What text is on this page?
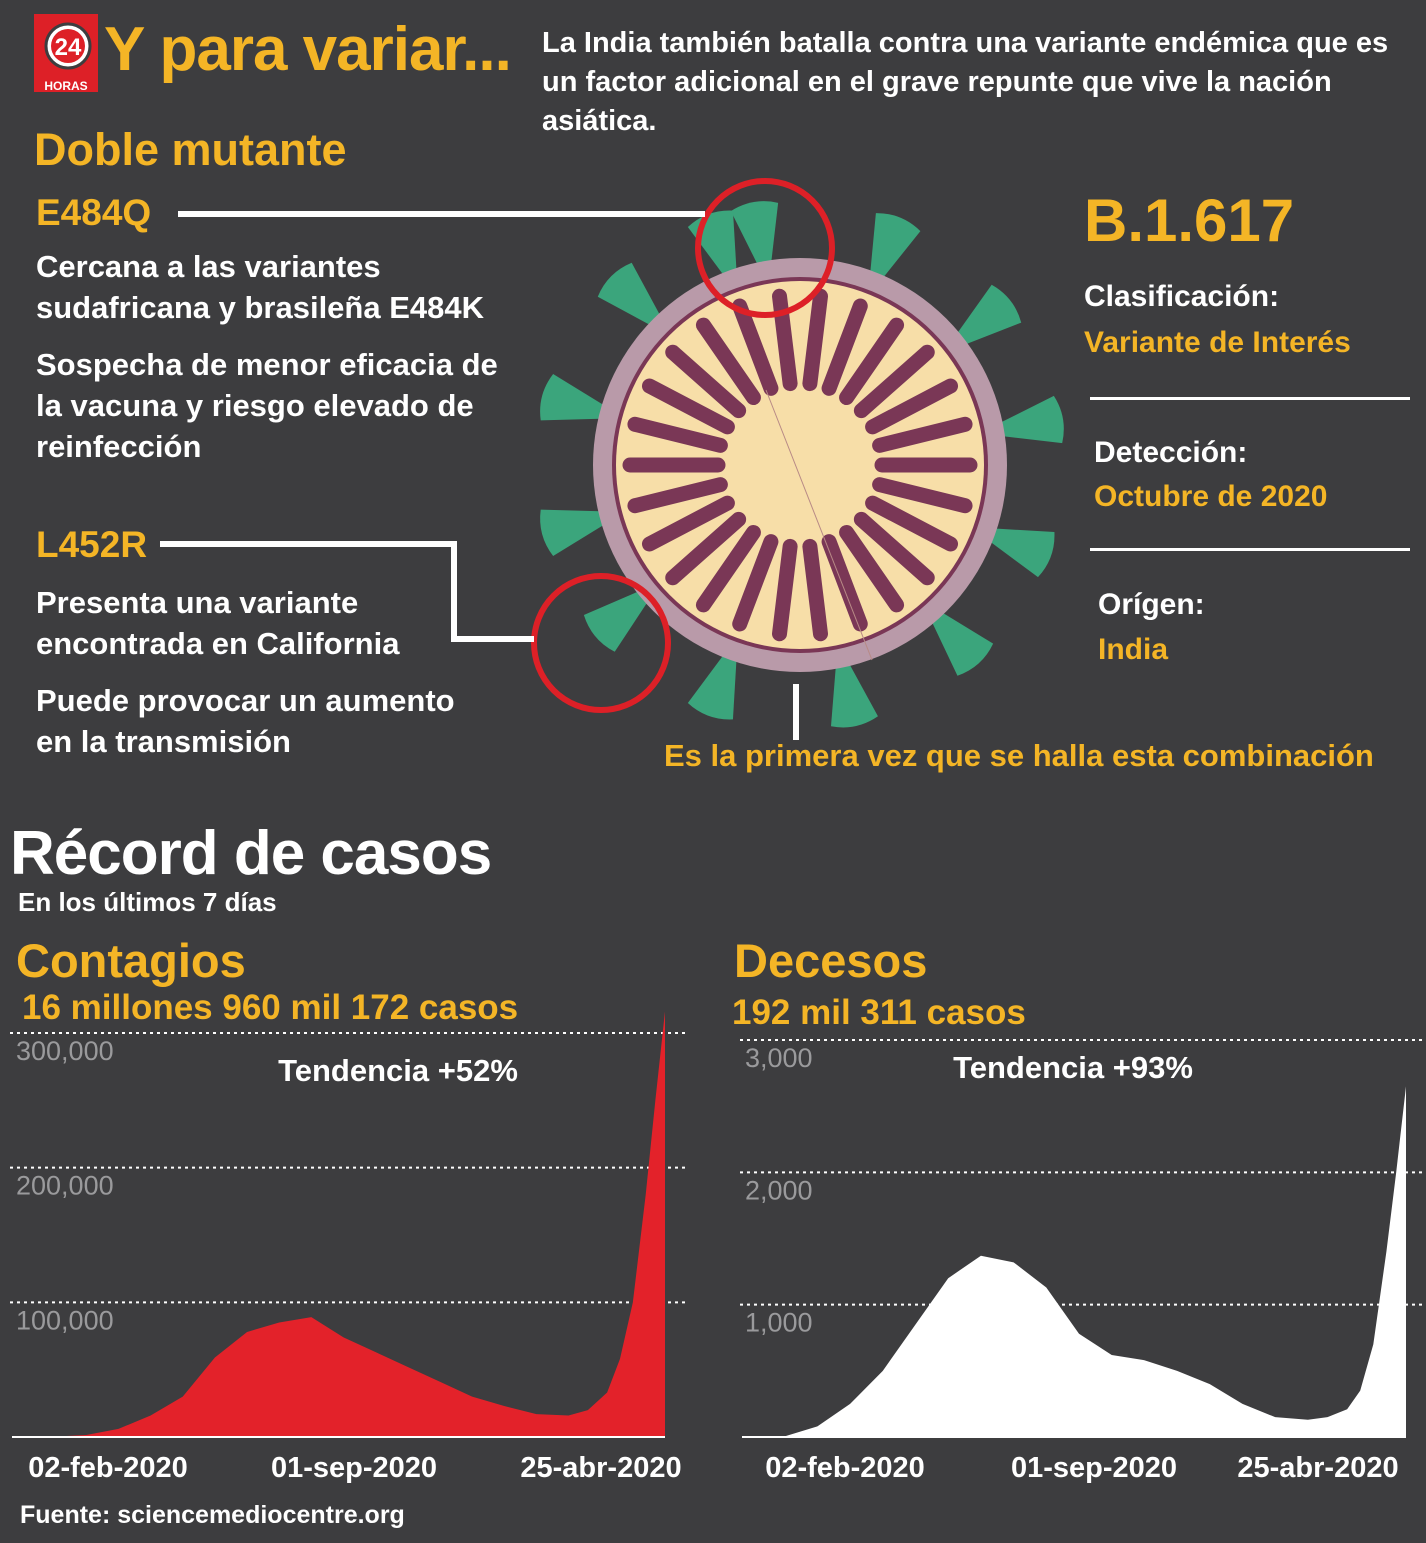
24
HORAS
Y para variar... La India también batalla contra una variante endémica que es un factor adicional en el grave repunte que vive la nación asiática.
Doble mutante
E484Q
Cercana a las variantes sudafricana y brasileña E484K
Sospecha de menor eficacia de la vacuna y riesgo elevado de reinfección
L452R
Presenta una variante encontrada en California
Puede provocar un aumento en la transmisión
B.1.617
Clasificación:
Variante de Interés
Detección:
Octubre de 2020
Orígen:
India
Es la primera vez que se halla esta combinación
Récord de casos
En los últimos 7 días
Contagios
16 millones 960 mil 172 casos
Decesos
192 mil 311 casos
300,000
200,000
100,000
Tendencia +52%
02-feb-2020	01-sep-2020	25-abr-2020
3,000
2,000
1,000
Tendencia +93%
02-feb-2020	01-sep-2020 25-abr-2020
Fuente: sciencemediocentre.org
